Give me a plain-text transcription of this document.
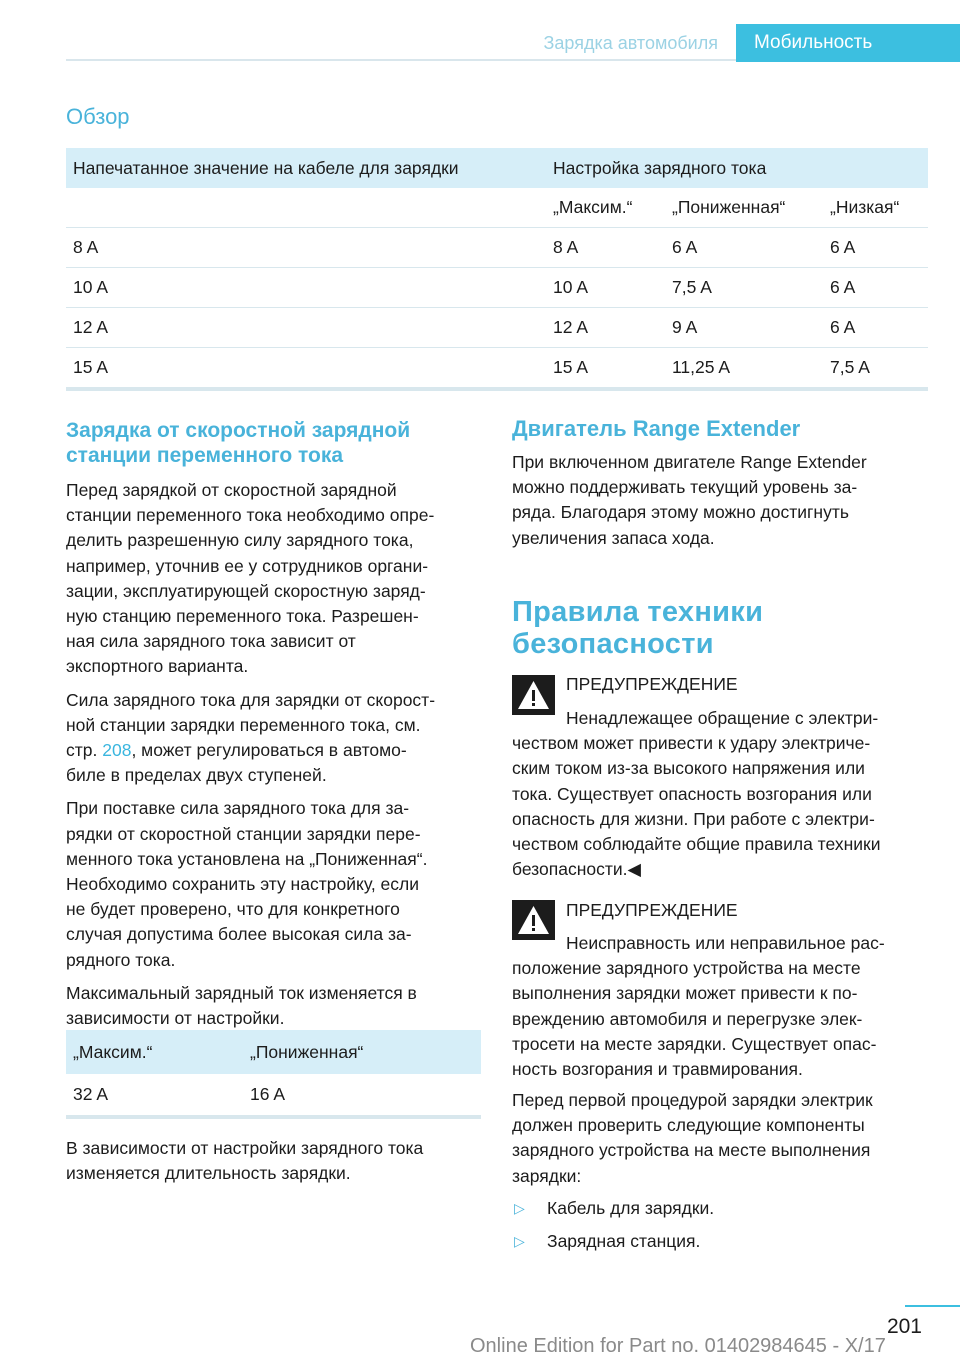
Зарядка автомобиля	Мобильность
Обзор
Напечатанное значение на кабеле для зарядки	Настройка зарядного тока		
	„Максим.“	„Пониженная“	„Низкая“
8 A	8 A	6 A	6 A
10 A	10 A	7,5 A	6 A
12 A	12 A	9 A	6 A
15 A	15 A	11,25 A	7,5 A
Зарядка от скоростной зарядной
станции переменного тока

Перед зарядкой от скоростной зарядной
станции переменного тока необходимо опре‐
делить разрешенную силу зарядного тока,
например, уточнив ее у сотрудников органи‐
зации, эксплуатирующей скоростную заряд‐
ную станцию переменного тока. Разрешен‐
ная сила зарядного тока зависит от
экспортного варианта.

Сила зарядного тока для зарядки от скорост‐
ной станции зарядки переменного тока, см.
стр. 208, может регулироваться в автомо‐
биле в пределах двух ступеней.

При поставке сила зарядного тока для за‐
рядки от скоростной станции зарядки пере‐
менного тока установлена на „Пониженная“.
Необходимо сохранить эту настройку, если
не будет проверено, что для конкретного
случая допустима более высокая сила за‐
рядного тока.

Максимальный зарядный ток изменяется в
зависимости от настройки.

„Максим.“	„Пониженная“
32 A	16 A

В зависимости от настройки зарядного тока
изменяется длительность зарядки.

Двигатель Range Extender

При включенном двигателе Range Extender
можно поддерживать текущий уровень за‐
ряда. Благодаря этому можно достигнуть
увеличения запаса хода.

Правила техники
безопасности
ПРЕДУПРЕЖДЕНИЕ

Ненадлежащее обращение с электри‐
чеством может привести к удару электриче‐
ским током из-за высокого напряжения или
тока. Существует опасность возгорания или
опасность для жизни. При работе с электри‐
чеством соблюдайте общие правила техники
безопасности.◀

ПРЕДУПРЕЖДЕНИЕ

Неисправность или неправильное рас‐
положение зарядного устройства на месте
выполнения зарядки может привести к по‐
вреждению автомобиля и перегрузке элек‐
тросети на месте зарядки. Существует опас‐
ность возгорания и травмирования.

Перед первой процедурой зарядки электрик
должен проверить следующие компоненты
зарядного устройства на месте выполнения
зарядки:

▷ Кабель для зарядки.
▷ Зарядная станция.
201
Online Edition for Part no. 01402984645 - X/17
